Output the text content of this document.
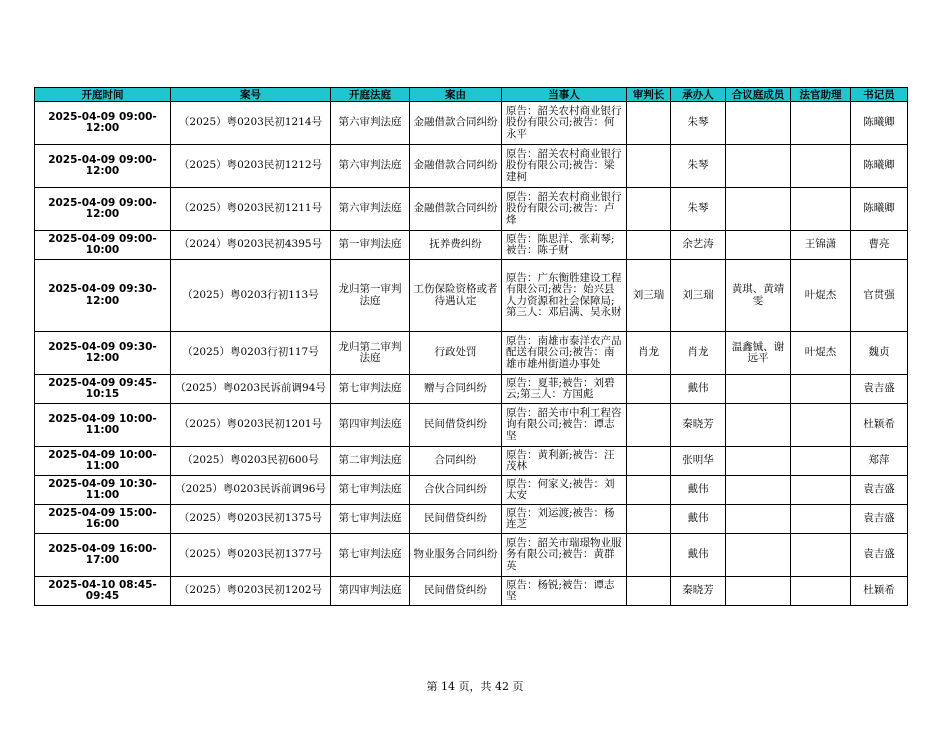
开庭时间	案号	开庭法庭	案由	当事人	审判长	承办人	合议庭成员	法官助理	书记员
2025-04-09 09:00-12:00	（2025）粤0203民初1214号	第六审判法庭	金融借款合同纠纷	原告：韶关农村商业银行股份有限公司;被告：何永平		朱琴			陈曦卿
2025-04-09 09:00-12:00	（2025）粤0203民初1212号	第六审判法庭	金融借款合同纠纷	原告：韶关农村商业银行股份有限公司;被告：梁建柯		朱琴			陈曦卿
2025-04-09 09:00-12:00	（2025）粤0203民初1211号	第六审判法庭	金融借款合同纠纷	原告：韶关农村商业银行股份有限公司;被告：卢烽		朱琴			陈曦卿
2025-04-09 09:00-10:00	（2024）粤0203民初4395号	第一审判法庭	抚养费纠纷	原告：陈思洋、张莉琴;被告：陈子财		余艺涛		王锦潇	曹亮
2025-04-09 09:30-12:00	（2025）粤0203行初113号	龙归第一审判法庭	工伤保险资格或者待遇认定	原告：广东衡胜建设工程有限公司;被告：始兴县人力资源和社会保障局;第三人：邓启满、吴永财	刘三瑞	刘三瑞	黄琪、黄靖雯	叶焜杰	官贯强
2025-04-09 09:30-12:00	（2025）粤0203行初117号	龙归第二审判法庭	行政处罚	原告：南雄市泰洋农产品配送有限公司;被告：南雄市雄州街道办事处	肖龙	肖龙	温鑫铖、谢远平	叶焜杰	魏贞
2025-04-09 09:45-10:15	（2025）粤0203民诉前调94号	第七审判法庭	赠与合同纠纷	原告：夏菲;被告：刘碧云;第三人：方国彪		戴伟			袁吉盛
2025-04-09 10:00-11:00	（2025）粤0203民初1201号	第四审判法庭	民间借贷纠纷	原告：韶关市中利工程咨询有限公司;被告：谭志坚		秦晓芳			杜颖希
2025-04-09 10:00-11:00	（2025）粤0203民初600号	第二审判法庭	合同纠纷	原告：黄利新;被告：汪茂林		张明华			郑萍
2025-04-09 10:30-11:00	（2025）粤0203民诉前调96号	第七审判法庭	合伙合同纠纷	原告：何家义;被告：刘太安		戴伟			袁吉盛
2025-04-09 15:00-16:00	（2025）粤0203民初1375号	第七审判法庭	民间借贷纠纷	原告：刘运渡;被告：杨连芝		戴伟			袁吉盛
2025-04-09 16:00-17:00	（2025）粤0203民初1377号	第七审判法庭	物业服务合同纠纷	原告：韶关市瑞璟物业服务有限公司;被告：黄群英		戴伟			袁吉盛
2025-04-10 08:45-09:45	（2025）粤0203民初1202号	第四审判法庭	民间借贷纠纷	原告：杨锐;被告：谭志坚		秦晓芳			杜颖希
第 14 页，共 42 页
